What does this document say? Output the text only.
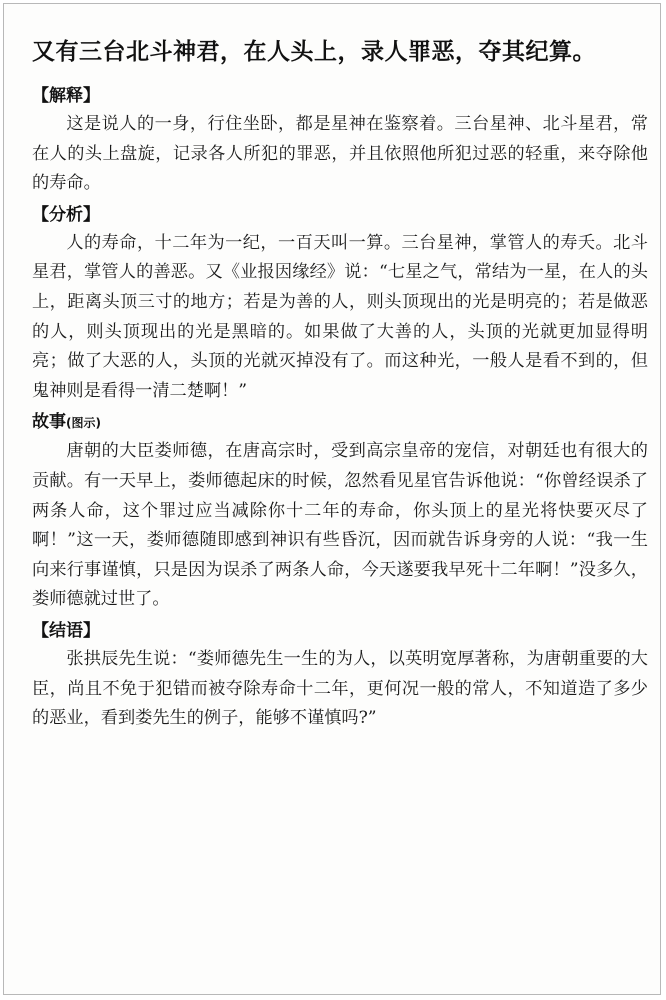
又有三台北斗神君，在人头上，录人罪恶，夺其纪算。
【解释】

这是说人的一身，行住坐卧，都是星神在鉴察着。三台星神、北斗星君，常在人的头上盘旋，记录各人所犯的罪恶，并且依照他所犯过恶的轻重，来夺除他的寿命。

【分析】

人的寿命，十二年为一纪，一百天叫一算。三台星神，掌管人的寿夭。北斗星君，掌管人的善恶。又《业报因缘经》说：“七星之气，常结为一星，在人的头上，距离头顶三寸的地方；若是为善的人，则头顶现出的光是明亮的；若是做恶的人，则头顶现出的光是黑暗的。如果做了大善的人，头顶的光就更加显得明亮；做了大恶的人，头顶的光就灭掉没有了。而这种光，一般人是看不到的，但鬼神则是看得一清二楚啊！”

故事(图示)

唐朝的大臣娄师德，在唐高宗时，受到高宗皇帝的宠信，对朝廷也有很大的贡献。有一天早上，娄师德起床的时候，忽然看见星官告诉他说：“你曾经误杀了两条人命，这个罪过应当减除你十二年的寿命，你头顶上的星光将快要灭尽了啊！”这一天，娄师德随即感到神识有些昏沉，因而就告诉身旁的人说：“我一生向来行事谨慎，只是因为误杀了两条人命，今天遂要我早死十二年啊！”没多久，娄师德就过世了。

【结语】

张拱辰先生说：“娄师德先生一生的为人，以英明宽厚著称，为唐朝重要的大臣，尚且不免于犯错而被夺除寿命十二年，更何况一般的常人，不知道造了多少的恶业，看到娄先生的例子，能够不谨慎吗?”
